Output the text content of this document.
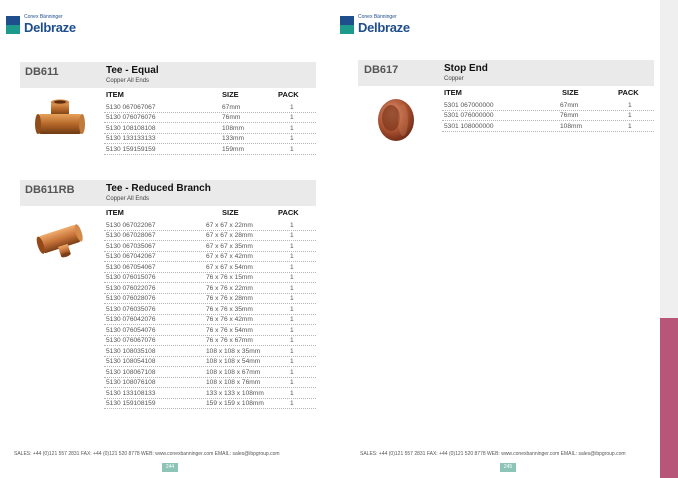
Conex Bänninger
Delbraze
Conex Bänninger
Delbraze
DB611	Tee - Equal
Copper All Ends
ITEM	SIZE	PACK
5130 067067067	67mm	1
5130 076076076	76mm	1
5130 108108108	108mm	1
5130 133133133	133mm	1
5130 159159159	159mm	1
DB611RB	Tee - Reduced Branch
Copper All Ends
ITEM	SIZE	PACK
5130 067022067	67 x 67 x 22mm	1
5130 067028067	67 x 67 x 28mm	1
5130 067035067	67 x 67 x 35mm	1
5130 067042067	67 x 67 x 42mm	1
5130 067054067	67 x 67 x 54mm	1
5130 076015076	76 x 76 x 15mm	1
5130 076022076	76 x 76 x 22mm	1
5130 076028076	76 x 76 x 28mm	1
5130 076035076	76 x 76 x 35mm	1
5130 076042076	76 x 76 x 42mm	1
5130 076054076	76 x 76 x 54mm	1
5130 076067076	76 x 76 x 67mm	1
5130 108035108	108 x 108 x 35mm	1
5130 108054108	108 x 108 x 54mm	1
5130 108067108	108 x 108 x 67mm	1
5130 108076108	108 x 108 x 76mm	1
5130 133108133	133 x 133 x 108mm	1
5130 159108159	159 x 159 x 108mm	1
DB617	Stop End
Copper
ITEM	SIZE	PACK
5301 067000000	67mm	1
5301 076000000	76mm	1
5301 108000000	108mm	1
SALES: +44 (0)121 557 2831 FAX: +44 (0)121 520 8778 WEB: www.conexbanninger.com EMAIL: sales@ibpgroup.com	SALES: +44 (0)121 557 2831 FAX: +44 (0)121 520 8778 WEB: www.conexbanninger.com EMAIL: sales@ibpgroup.com
244	245
